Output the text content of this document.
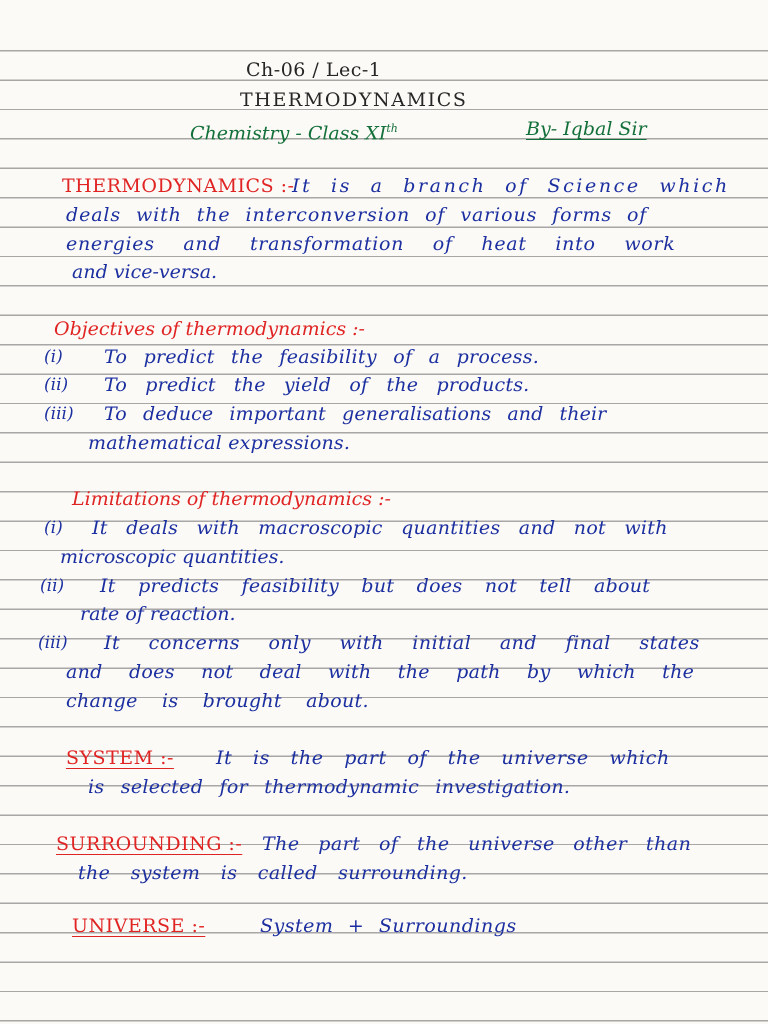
Ch-06 / Lec-1
THERMODYNAMICS
Chemistry - Class XIth	By- Iqbal Sir
THERMODYNAMICS :-
It is a branch of Science which
deals with the interconversion of various forms of
energies and transformation of heat into work
and vice-versa.
Objectives of thermodynamics :-
(i) To predict the feasibility of a process.
(ii) To predict the yield of the products.
(iii) To deduce important generalisations and their
mathematical expressions.
Limitations of thermodynamics :-
(i) It deals with macroscopic quantities and not with
microscopic quantities.
(ii) It predicts feasibility but does not tell about
rate of reaction.
(iii) It concerns only with initial and final states
and does not deal with the path by which the
change is brought about.
SYSTEM :- It is the part of the universe which
is selected for thermodynamic investigation.
SURROUNDING :- The part of the universe other than
the system is called surrounding.
UNIVERSE :-	System + Surroundings
